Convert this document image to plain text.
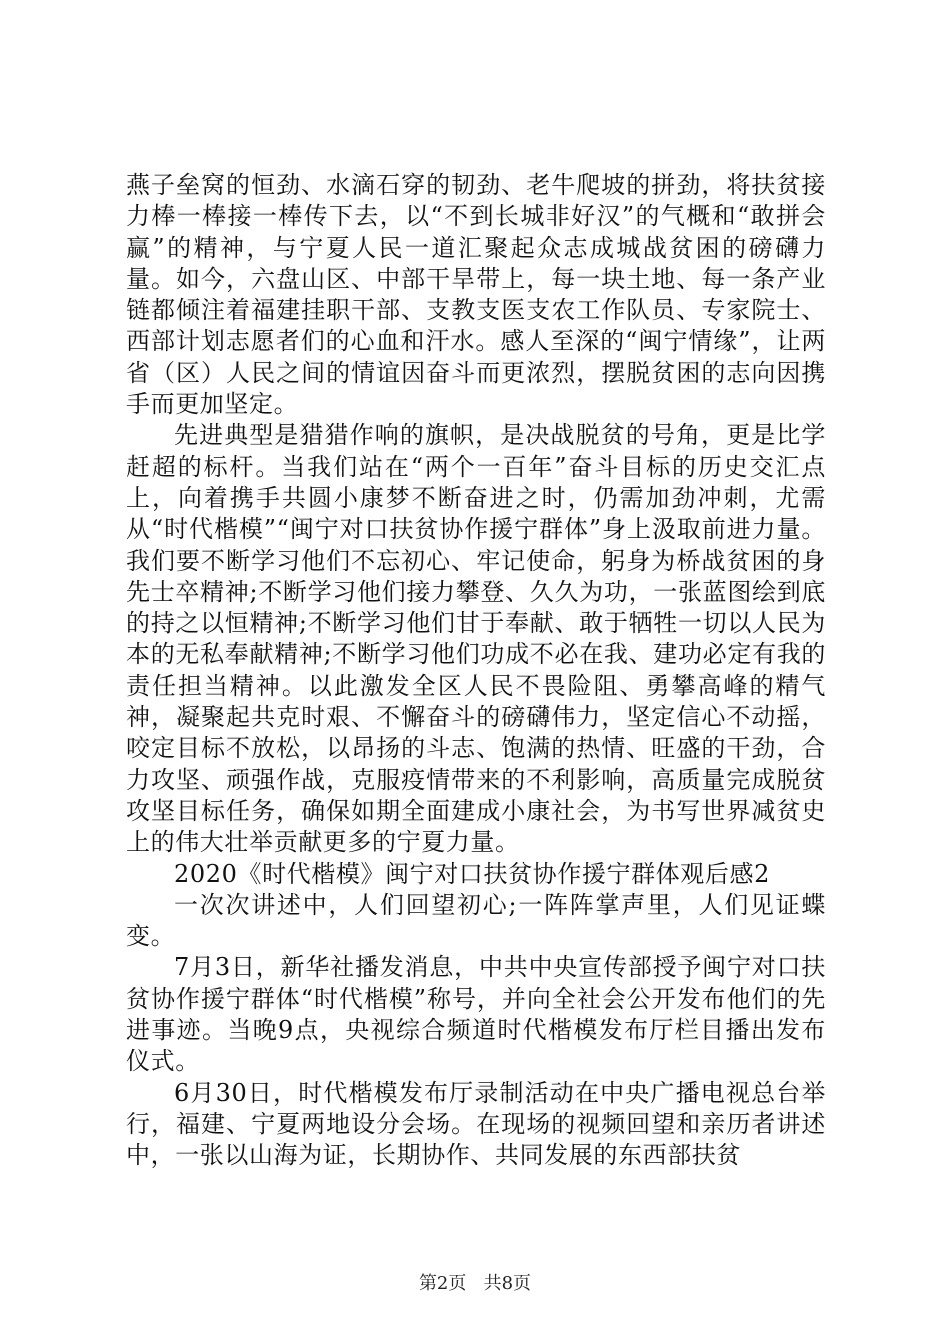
燕子垒窝的恒劲、水滴石穿的韧劲、老牛爬坡的拼劲，将扶贫接力棒一棒接一棒传下去，以“不到长城非好汉”的气概和“敢拼会赢”的精神，与宁夏人民一道汇聚起众志成城战贫困的磅礴力量。如今，六盘山区、中部干旱带上，每一块土地、每一条产业链都倾注着福建挂职干部、支教支医支农工作队员、专家院士、西部计划志愿者们的心血和汗水。感人至深的“闽宁情缘”，让两省（区）人民之间的情谊因奋斗而更浓烈，摆脱贫困的志向因携手而更加坚定。

先进典型是猎猎作响的旗帜，是决战脱贫的号角，更是比学赶超的标杆。当我们站在“两个一百年”奋斗目标的历史交汇点上，向着携手共圆小康梦不断奋进之时，仍需加劲冲刺，尤需从“时代楷模”“闽宁对口扶贫协作援宁群体”身上汲取前进力量。我们要不断学习他们不忘初心、牢记使命，躬身为桥战贫困的身先士卒精神;不断学习他们接力攀登、久久为功，一张蓝图绘到底的持之以恒精神;不断学习他们甘于奉献、敢于牺牲一切以人民为本的无私奉献精神;不断学习他们功成不必在我、建功必定有我的责任担当精神。以此激发全区人民不畏险阻、勇攀高峰的精气神，凝聚起共克时艰、不懈奋斗的磅礴伟力，坚定信心不动摇，咬定目标不放松，以昂扬的斗志、饱满的热情、旺盛的干劲，合力攻坚、顽强作战，克服疫情带来的不利影响，高质量完成脱贫攻坚目标任务，确保如期全面建成小康社会，为书写世界减贫史上的伟大壮举贡献更多的宁夏力量。

2020《时代楷模》闽宁对口扶贫协作援宁群体观后感2

一次次讲述中，人们回望初心;一阵阵掌声里，人们见证蝶变。

7月3日，新华社播发消息，中共中央宣传部授予闽宁对口扶贫协作援宁群体“时代楷模”称号，并向全社会公开发布他们的先进事迹。当晚9点，央视综合频道时代楷模发布厅栏目播出发布仪式。

6月30日，时代楷模发布厅录制活动在中央广播电视总台举行，福建、宁夏两地设分会场。在现场的视频回望和亲历者讲述中，一张以山海为证，长期协作、共同发展的东西部扶贫

第2页 共8页
